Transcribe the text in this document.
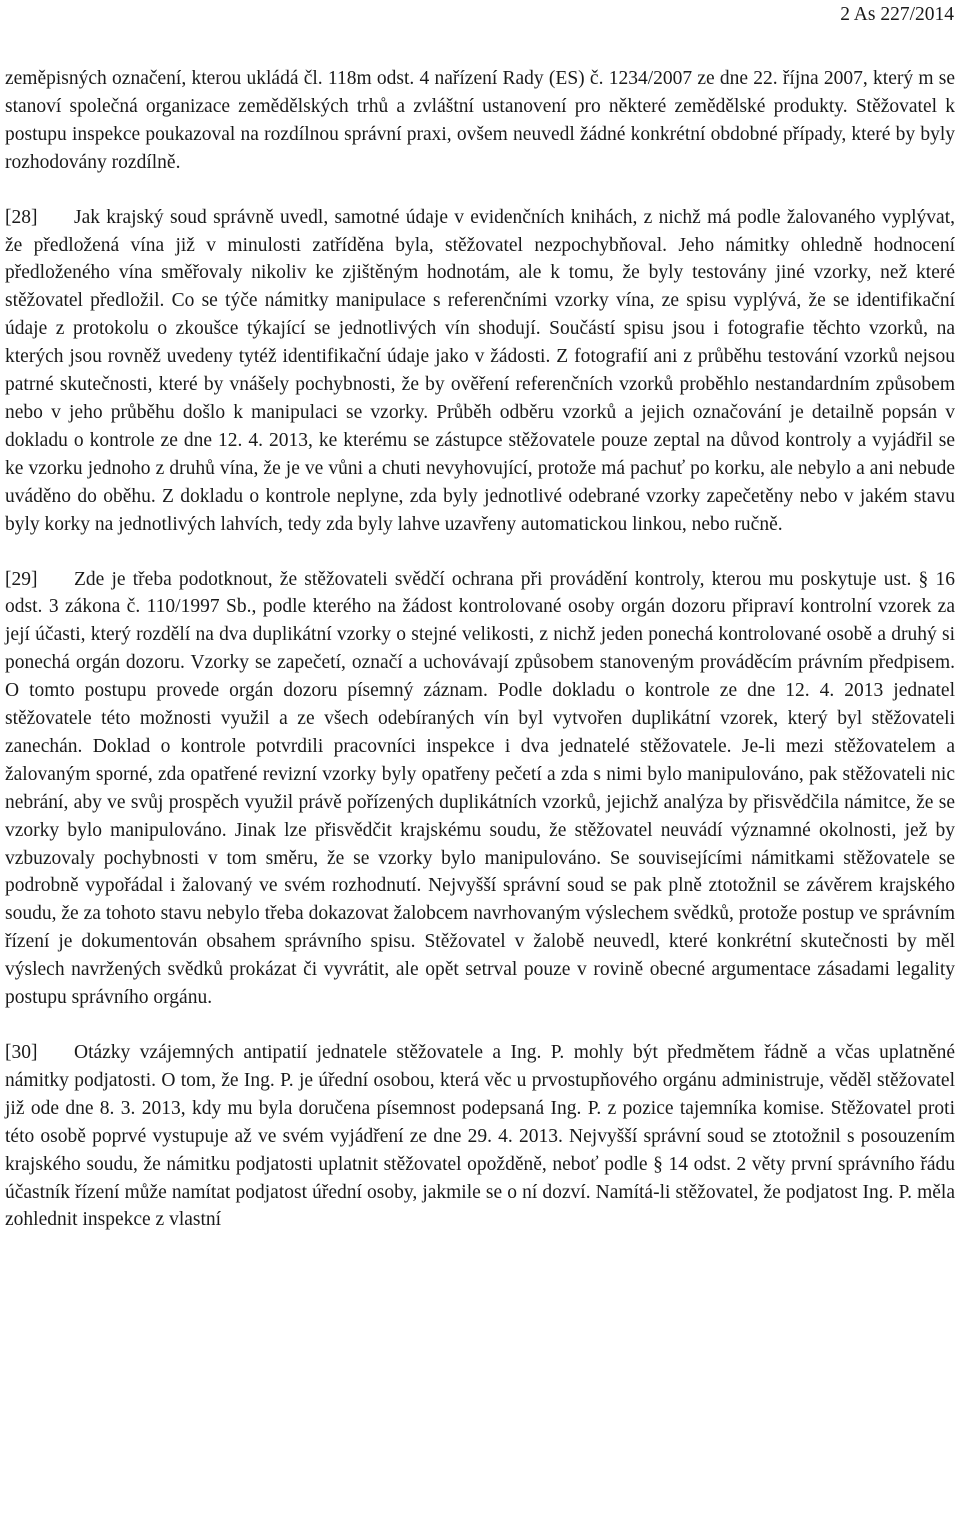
2 As 227/2014

zeměpisných označení, kterou ukládá čl. 118m odst. 4 nařízení Rady (ES) č. 1234/2007 ze dne 22. října 2007, který m se stanoví společná organizace zemědělských trhů a zvláštní ustanovení pro některé zemědělské produkty. Stěžovatel k postupu inspekce poukazoval na rozdílnou správní praxi, ovšem neuvedl žádné konkrétní obdobné případy, které by byly rozhodovány rozdílně.

[28] Jak krajský soud správně uvedl, samotné údaje v evidenčních knihách, z nichž má podle žalovaného vyplývat, že předložená vína již v minulosti zatříděna byla, stěžovatel nezpochybňoval. Jeho námitky ohledně hodnocení předloženého vína směřovaly nikoliv ke zjištěným hodnotám, ale k tomu, že byly testovány jiné vzorky, než které stěžovatel předložil. Co se týče námitky manipulace s referenčními vzorky vína, ze spisu vyplývá, že se identifikační údaje z protokolu o zkoušce týkající se jednotlivých vín shodují. Součástí spisu jsou i fotografie těchto vzorků, na kterých jsou rovněž uvedeny tytéž identifikační údaje jako v žádosti. Z fotografií ani z průběhu testování vzorků nejsou patrné skutečnosti, které by vnášely pochybnosti, že by ověření referenčních vzorků proběhlo nestandardním způsobem nebo v jeho průběhu došlo k manipulaci se vzorky. Průběh odběru vzorků a jejich označování je detailně popsán v dokladu o kontrole ze dne 12. 4. 2013, ke kterému se zástupce stěžovatele pouze zeptal na důvod kontroly a vyjádřil se ke vzorku jednoho z druhů vína, že je ve vůni a chuti nevyhovující, protože má pachuť po korku, ale nebylo a ani nebude uváděno do oběhu. Z dokladu o kontrole neplyne, zda byly jednotlivé odebrané vzorky zapečetěny nebo v jakém stavu byly korky na jednotlivých lahvích, tedy zda byly lahve uzavřeny automatickou linkou, nebo ručně.

[29] Zde je třeba podotknout, že stěžovateli svědčí ochrana při provádění kontroly, kterou mu poskytuje ust. § 16 odst. 3 zákona č. 110/1997 Sb., podle kterého na žádost kontrolované osoby orgán dozoru připraví kontrolní vzorek za její účasti, který rozdělí na dva duplikátní vzorky o stejné velikosti, z nichž jeden ponechá kontrolované osobě a druhý si ponechá orgán dozoru. Vzorky se zapečetí, označí a uchovávají způsobem stanoveným prováděcím právním předpisem. O tomto postupu provede orgán dozoru písemný záznam. Podle dokladu o kontrole ze dne 12. 4. 2013 jednatel stěžovatele této možnosti využil a ze všech odebíraných vín byl vytvořen duplikátní vzorek, který byl stěžovateli zanechán. Doklad o kontrole potvrdili pracovníci inspekce i dva jednatelé stěžovatele. Je-li mezi stěžovatelem a žalovaným sporné, zda opatřené revizní vzorky byly opatřeny pečetí a zda s nimi bylo manipulováno, pak stěžovateli nic nebrání, aby ve svůj prospěch využil právě pořízených duplikátních vzorků, jejichž analýza by přisvědčila námitce, že se vzorky bylo manipulováno. Jinak lze přisvědčit krajskému soudu, že stěžovatel neuvádí významné okolnosti, jež by vzbuzovaly pochybnosti v tom směru, že se vzorky bylo manipulováno. Se souvisejícími námitkami stěžovatele se podrobně vypořádal i žalovaný ve svém rozhodnutí. Nejvyšší správní soud se pak plně ztotožnil se závěrem krajského soudu, že za tohoto stavu nebylo třeba dokazovat žalobcem navrhovaným výslechem svědků, protože postup ve správním řízení je dokumentován obsahem správního spisu. Stěžovatel v žalobě neuvedl, které konkrétní skutečnosti by měl výslech navržených svědků prokázat či vyvrátit, ale opět setrval pouze v rovině obecné argumentace zásadami legality postupu správního orgánu.

[30] Otázky vzájemných antipatií jednatele stěžovatele a Ing. P. mohly být předmětem řádně a včas uplatněné námitky podjatosti. O tom, že Ing. P. je úřední osobou, která věc u prvostupňového orgánu administruje, věděl stěžovatel již ode dne 8. 3. 2013, kdy mu byla doručena písemnost podepsaná Ing. P. z pozice tajemníka komise. Stěžovatel proti této osobě poprvé vystupuje až ve svém vyjádření ze dne 29. 4. 2013. Nejvyšší správní soud se ztotožnil s posouzením krajského soudu, že námitku podjatosti uplatnit stěžovatel opožděně, neboť podle § 14 odst. 2 věty první správního řádu účastník řízení může namítat podjatost úřední osoby, jakmile se o ní dozví. Namítá-li stěžovatel, že podjatost Ing. P. měla zohlednit inspekce z vlastní
